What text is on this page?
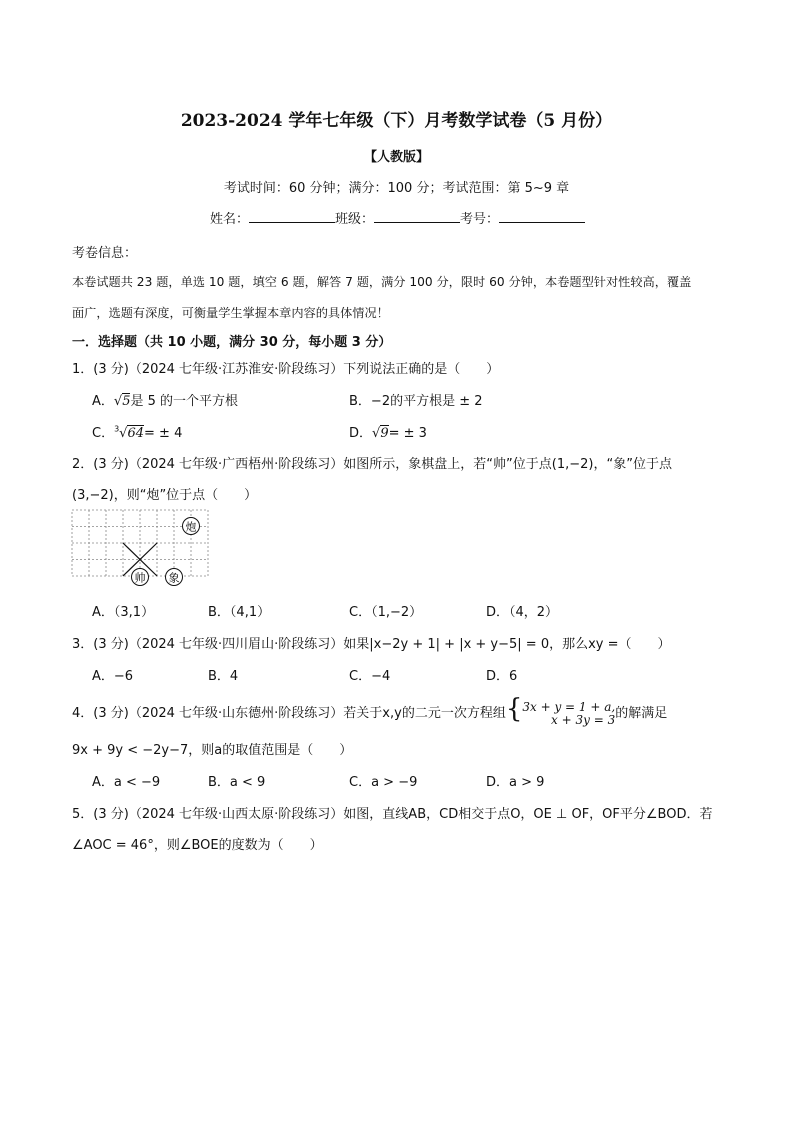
2023-2024 学年七年级（下）月考数学试卷（5 月份）
【人教版】
考试时间：60 分钟；满分：100 分；考试范围：第 5~9 章
姓名：	班级：	考号：
考卷信息：
本卷试题共 23 题，单选 10 题，填空 6 题，解答 7 题，满分 100 分，限时 60 分钟，本卷题型针对性较高，覆盖
面广，选题有深度，可衡量学生掌握本章内容的具体情况！
一．选择题（共 10 小题，满分 30 分，每小题 3 分）
1．(3 分)（2024 七年级·江苏淮安·阶段练习）下列说法正确的是（　　）
A．√5是 5 的一个平方根	B．−2的平方根是 ± 2
C．$^3$√64= ± 4	D．√9= ± 3
2．(3 分)（2024 七年级·广西梧州·阶段练习）如图所示，象棋盘上，若“帅”位于点(1,−2)，“象”位于点
(3,−2)，则“炮”位于点（　　）
炮
帅 象
A．（3,1）	B．（4,1）	C．（1,−2）	D．（4，2）
3．(3 分)（2024 七年级·四川眉山·阶段练习）如果|x−2y + 1| + |x + y−5| = 0，那么xy =（　　）
A．−6	B．4	C．−4	D．6
4．(3 分)（2024 七年级·山东德州·阶段练习）若关于x,y的二元一次方程组{ 3x + y = 1 + a,
x + 3y = 3 的解满足
9x + 9y < −2y−7，则a的取值范围是（　　）
A．a < −9	B．a < 9	C．a > −9	D．a > 9
5．(3 分)（2024 七年级·山西太原·阶段练习）如图，直线AB，CD相交于点O，OE ⊥ OF，OF平分∠BOD．若
∠AOC = 46°，则∠BOE的度数为（　　）
